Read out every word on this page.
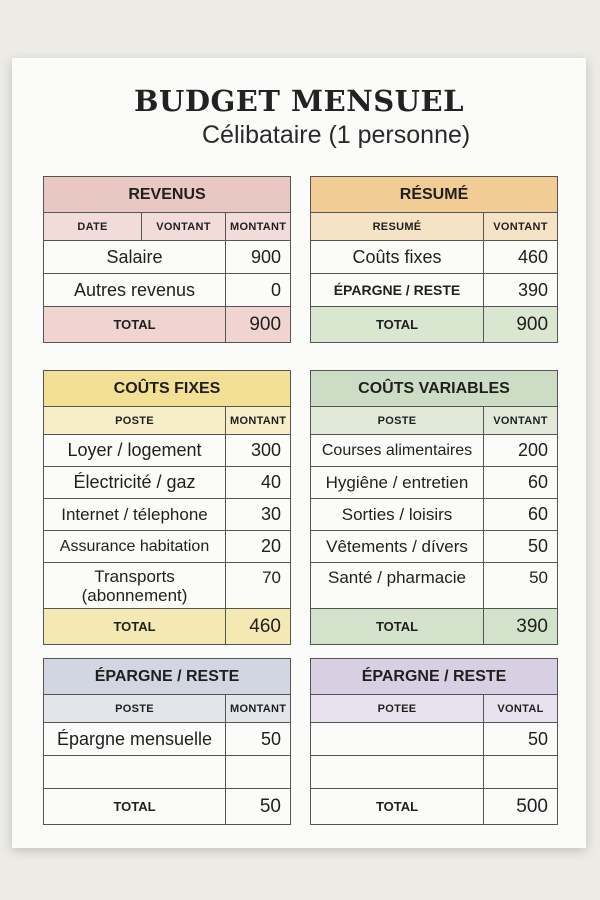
BUDGET MENSUEL
Célibataire (1 personne)
REVENUS		
DATE	VONTANT	MONTANT
Salaire		900
Autres revenus		0
TOTAL		900
RÉSUMÉ	
RESUMÉ	VONTANT
Coûts fixes	460
ÉPARGNE / RESTE	390
TOTAL	900
COÛTS FIXES	
POSTE	MONTANT
Loyer / logement	300
Électricité / gaz	40
Internet / télephone	30
Assurance habitation	20
Transports (abonnement)	70
TOTAL	460
COÛTS VARIABLES	
POSTE	VONTANT
Courses alimentaires	200
Hygiêne / entretien	60
Sorties / loisirs	60
Vêtements / dívers	50
Santé / pharmacie	50
TOTAL	390
ÉPARGNE / RESTE	
POSTE	MONTANT
Épargne mensuelle	50

TOTAL	50
ÉPARGNE / RESTE	
POTEE	VONTAL
	50

TOTAL	500
